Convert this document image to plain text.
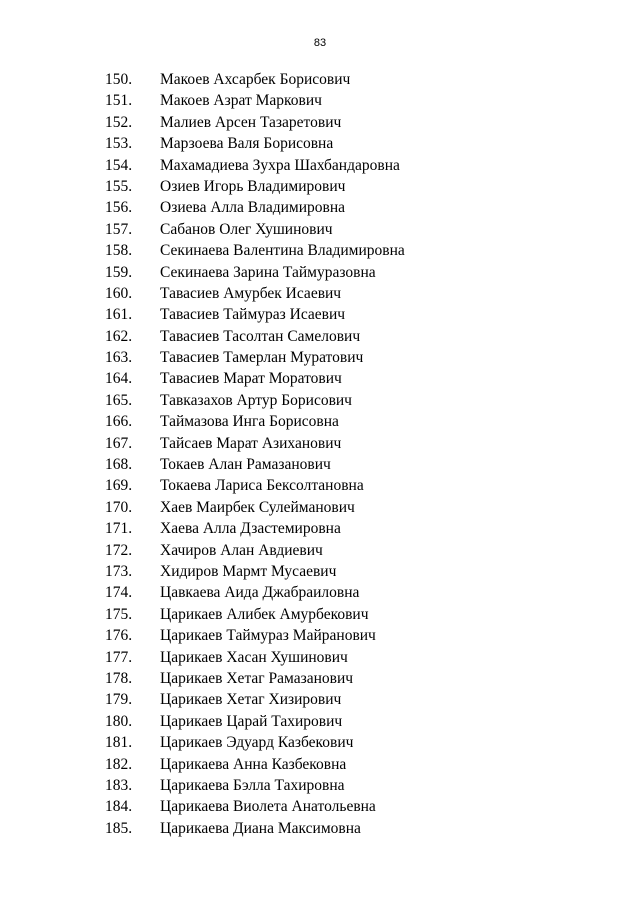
83
150. Макоев Ахсарбек Борисович
151. Макоев Азрат Маркович
152. Малиев Арсен Тазаретович
153. Марзоева Валя Борисовна
154. Махамадиева Зухра Шахбандаровна
155. Озиев Игорь Владимирович
156. Озиева Алла Владимировна
157. Сабанов Олег Хушинович
158. Секинаева Валентина Владимировна
159. Секинаева Зарина Таймуразовна
160. Тавасиев Амурбек Исаевич
161. Тавасиев Таймураз Исаевич
162. Тавасиев Тасолтан Самелович
163. Тавасиев Тамерлан Муратович
164. Тавасиев Марат Моратович
165. Тавказахов Артур Борисович
166. Таймазова Инга Борисовна
167. Тайсаев Марат Азиханович
168. Токаев Алан Рамазанович
169. Токаева Лариса Бексолтановна
170. Хаев Маирбек Сулейманович
171. Хаева Алла Дзастемировна
172. Хачиров Алан Авдиевич
173. Хидиров Мармт Мусаевич
174. Цавкаева Аида Джабраиловна
175. Царикаев Алибек Амурбекович
176. Царикаев Таймураз Майранович
177. Царикаев Хасан Хушинович
178. Царикаев Хетаг Рамазанович
179. Царикаев Хетаг Хизирович
180. Царикаев Царай Тахирович
181. Царикаев Эдуард Казбекович
182. Царикаева Анна Казбековна
183. Царикаева Бэлла Тахировна
184. Царикаева Виолета Анатольевна
185. Царикаева Диана Максимовна
